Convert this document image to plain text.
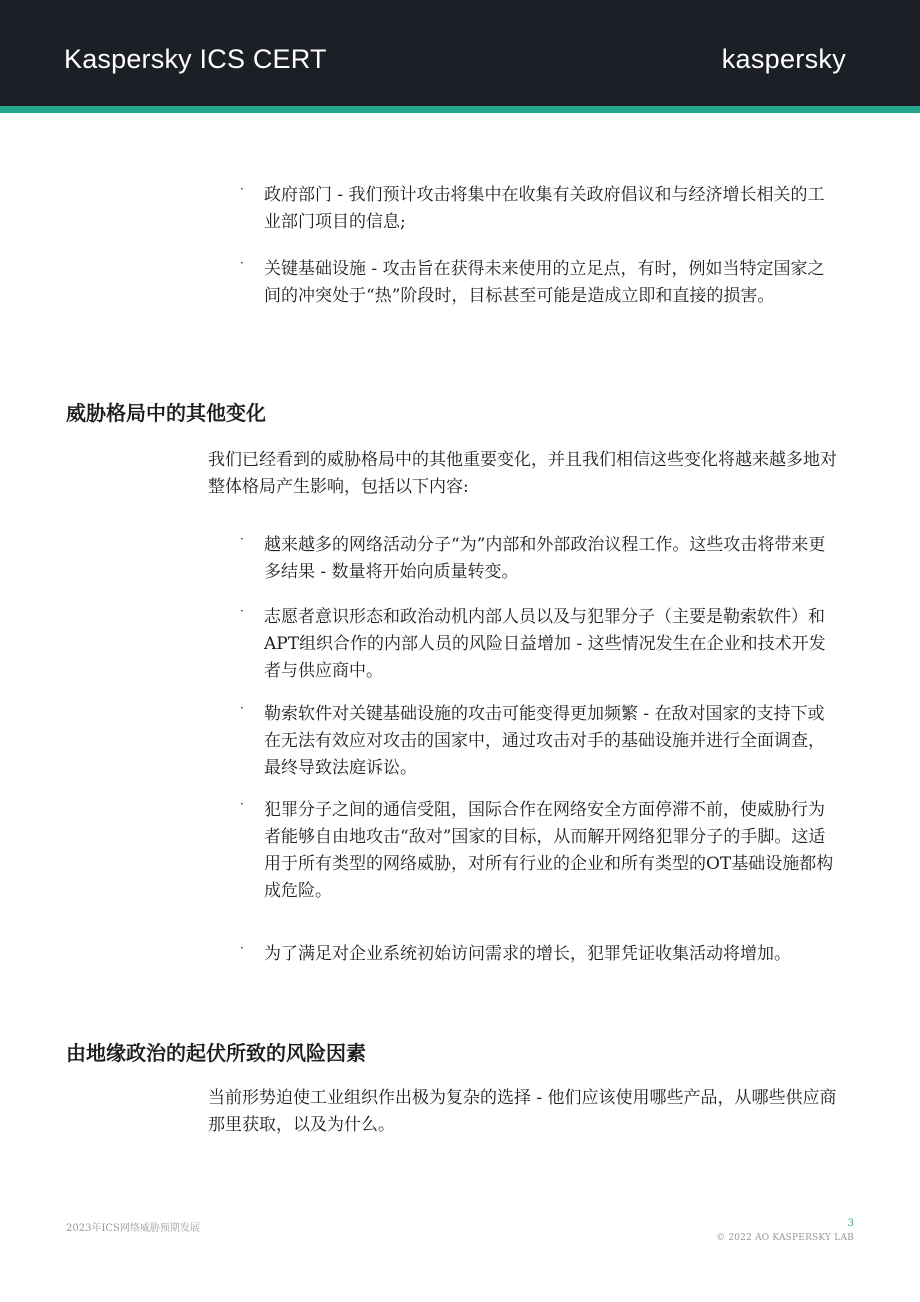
Kaspersky ICS CERT	kaspersky
· 政府部门 - 我们预计攻击将集中在收集有关政府倡议和与经济增长相关的工业部门项目的信息;
· 关键基础设施 - 攻击旨在获得未来使用的立足点，有时，例如当特定国家之间的冲突处于“热”阶段时，目标甚至可能是造成立即和直接的损害。
威胁格局中的其他变化
我们已经看到的威胁格局中的其他重要变化，并且我们相信这些变化将越来越多地对整体格局产生影响，包括以下内容:
· 越来越多的网络活动分子“为”内部和外部政治议程工作。这些攻击将带来更多结果 - 数量将开始向质量转变。
· 志愿者意识形态和政治动机内部人员以及与犯罪分子（主要是勒索软件）和APT组织合作的内部人员的风险日益增加 - 这些情况发生在企业和技术开发者与供应商中。
· 勒索软件对关键基础设施的攻击可能变得更加频繁 - 在敌对国家的支持下或在无法有效应对攻击的国家中，通过攻击对手的基础设施并进行全面调查，最终导致法庭诉讼。
· 犯罪分子之间的通信受阻，国际合作在网络安全方面停滞不前，使威胁行为者能够自由地攻击“敌对”国家的目标，从而解开网络犯罪分子的手脚。这适用于所有类型的网络威胁，对所有行业的企业和所有类型的OT基础设施都构成危险。
· 为了满足对企业系统初始访问需求的增长，犯罪凭证收集活动将增加。
由地缘政治的起伏所致的风险因素
当前形势迫使工业组织作出极为复杂的选择 - 他们应该使用哪些产品，从哪些供应商那里获取，以及为什么。
2023年ICS网络威胁预期发展	3
© 2022 AO KASPERSKY LAB
